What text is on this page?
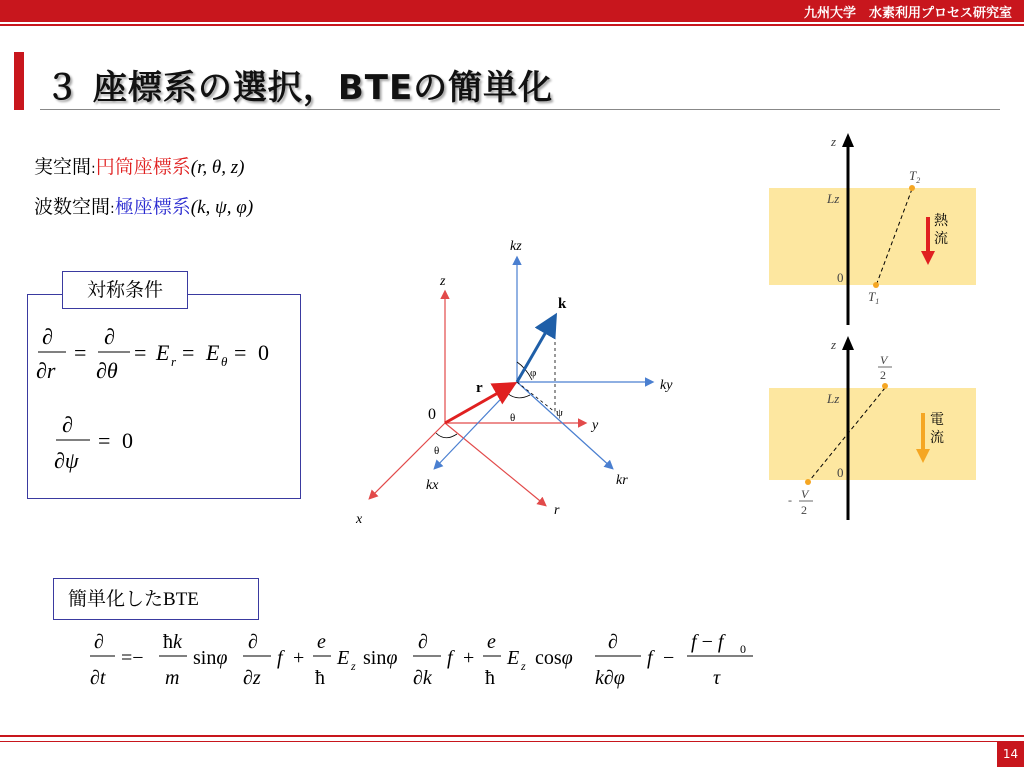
九州大学　水素利用プロセス研究室
３ 座標系の選択，BTEの簡単化
実空間:円筒座標系(r, θ, z)
波数空間:極座標系(k, ψ, φ)
対称条件
∂
∂r
=
∂
∂θ
= E r = E θ = 0
∂
∂ψ
= 0
z
x
y
r
kz
ky
kx	kr
0
k
r
φ
ψ
θ
θ
z
Lz
$T_2$
$T_1$
0
熱
流
z
Lz
V
V
2
-
2
0
電
流
簡単化したBTE
∂
∂t
=−
ħk
m
sinφ
∂
∂z
f +
e
ħ
E z sinφ
∂
∂k
f +
e
ħ
E z cosφ
∂
k∂φ
f −
f − f 0
τ
14
